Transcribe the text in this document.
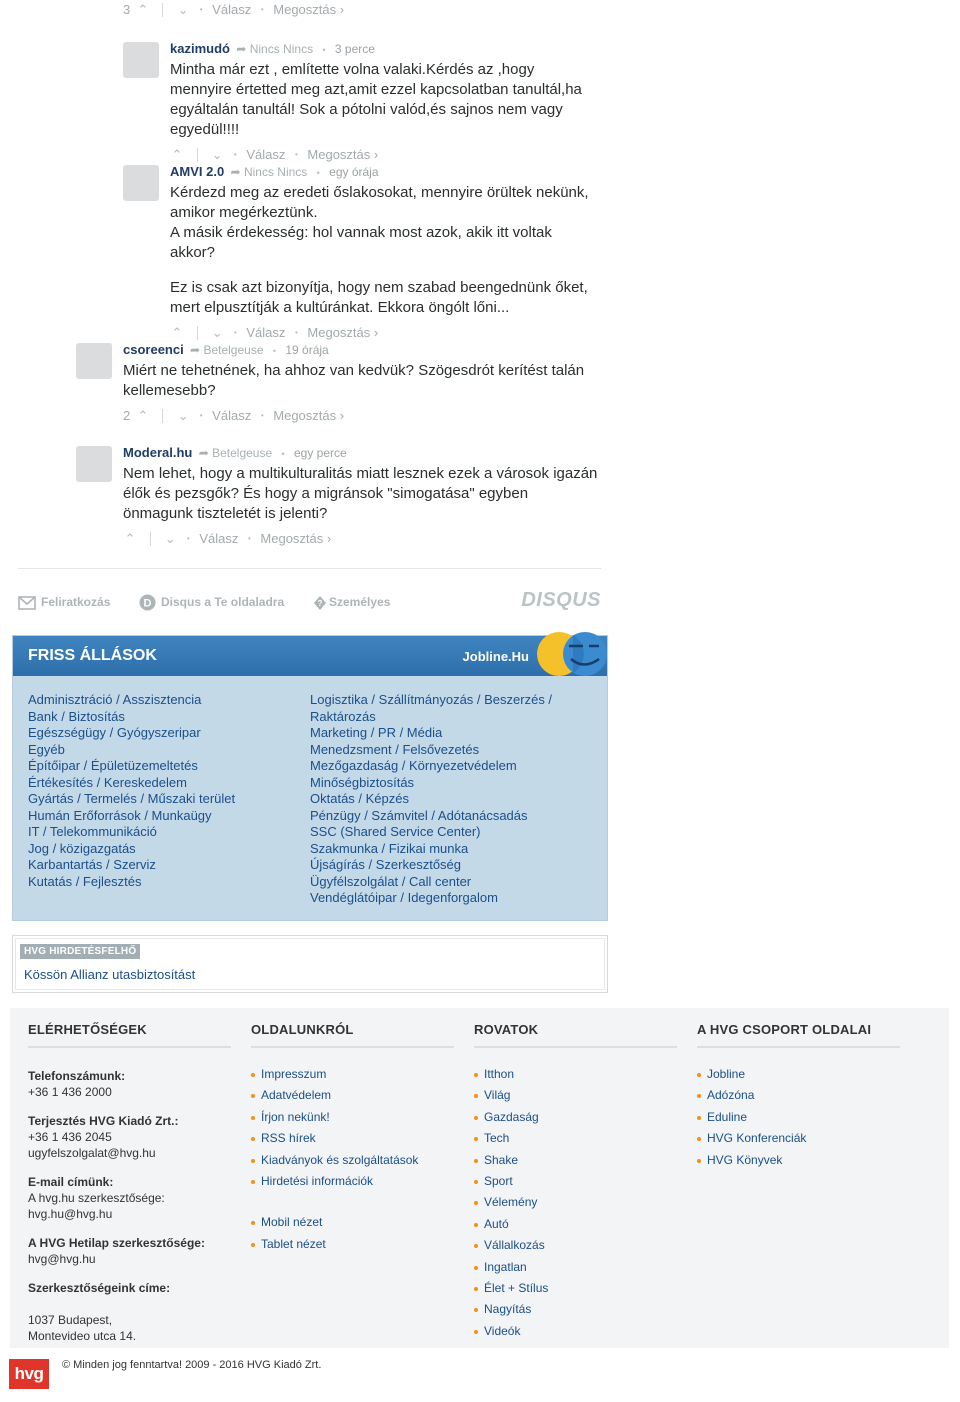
3 ⌃ ⌄ • Válasz • Megosztás ›
kazimudó ➦ Nincs Nincs • 3 perce

Mintha már ezt , említette volna valaki.Kérdés az ,hogy mennyire értetted meg azt,amit ezzel kapcsolatban tanultál,ha egyáltalán tanultál! Sok a pótolni valód,és sajnos nem vagy egyedül!!!!

⌃ ⌄ • Válasz • Megosztás ›
AMVI 2.0 ➦ Nincs Nincs • egy órája

Kérdezd meg az eredeti őslakosokat, mennyire örültek nekünk, amikor megérkeztünk.
A másik érdekesség: hol vannak most azok, akik itt voltak akkor?

Ez is csak azt bizonyítja, hogy nem szabad beengednünk őket, mert elpusztítják a kultúránkat. Ekkora öngólt lőni...

⌃ ⌄ • Válasz • Megosztás ›
csoreenci ➦ Betelgeuse • 19 órája

Miért ne tehetnének, ha ahhoz van kedvük? Szögesdrót kerítést talán kellemesebb?

2 ⌃ ⌄ • Válasz • Megosztás ›
Moderal.hu ➦ Betelgeuse • egy perce

Nem lehet, hogy a multikulturalitás miatt lesznek ezek a városok igazán élők és pezsgők? És hogy a migránsok "simogatása" egyben önmagunk tiszteletét is jelenti?

⌃ ⌄ • Válasz • Megosztás ›
Feliratkozás	D Disqus a Te oldaladra	? Személyes	DISQUS
FRISS ÁLLÁSOK	Jobline.Hu
Adminisztráció / Asszisztencia
Bank / Biztosítás
Egészségügy / Gyógyszeripar
Egyéb
Építőipar / Épületüzemeltetés
Értékesítés / Kereskedelem
Gyártás / Termelés / Műszaki terület
Humán Erőforrások / Munkaügy
IT / Telekommunikáció
Jog / közigazgatás
Karbantartás / Szerviz
Kutatás / Fejlesztés
Logisztika / Szállítmányozás / Beszerzés /
Raktározás
Marketing / PR / Média
Menedzsment / Felsővezetés
Mezőgazdaság / Környezetvédelem
Minőségbiztosítás
Oktatás / Képzés
Pénzügy / Számvitel / Adótanácsadás
SSC (Shared Service Center)
Szakmunka / Fizikai munka
Újságírás / Szerkesztőség
Ügyfélszolgálat / Call center
Vendéglátóipar / Idegenforgalom
HVG HIRDETÉSFELHŐ
Kössön Allianz utasbiztosítást
ELÉRHETŐSÉGEK
Telefonszámunk:
+36 1 436 2000
Terjesztés HVG Kiadó Zrt.:
+36 1 436 2045
ugyfelszolgalat@hvg.hu
E-mail címünk:
A hvg.hu szerkesztősége:
hvg.hu@hvg.hu
A HVG Hetilap szerkesztősége:
hvg@hvg.hu
Szerkesztőségeink címe:

1037 Budapest,
Montevideo utca 14.
OLDALUNKRÓL
Impresszum
Adatvédelem
Írjon nekünk!
RSS hírek
Kiadványok és szolgáltatások
Hirdetési információk
Mobil nézet
Tablet nézet
ROVATOK
Itthon
Világ
Gazdaság
Tech
Shake
Sport
Vélemény
Autó
Vállalkozás
Ingatlan
Élet + Stílus
Nagyítás
Videók
A HVG CSOPORT OLDALAI
Jobline
Adózóna
Eduline
HVG Konferenciák
HVG Könyvek
hvg	© Minden jog fenntartva! 2009 - 2016 HVG Kiadó Zrt.
